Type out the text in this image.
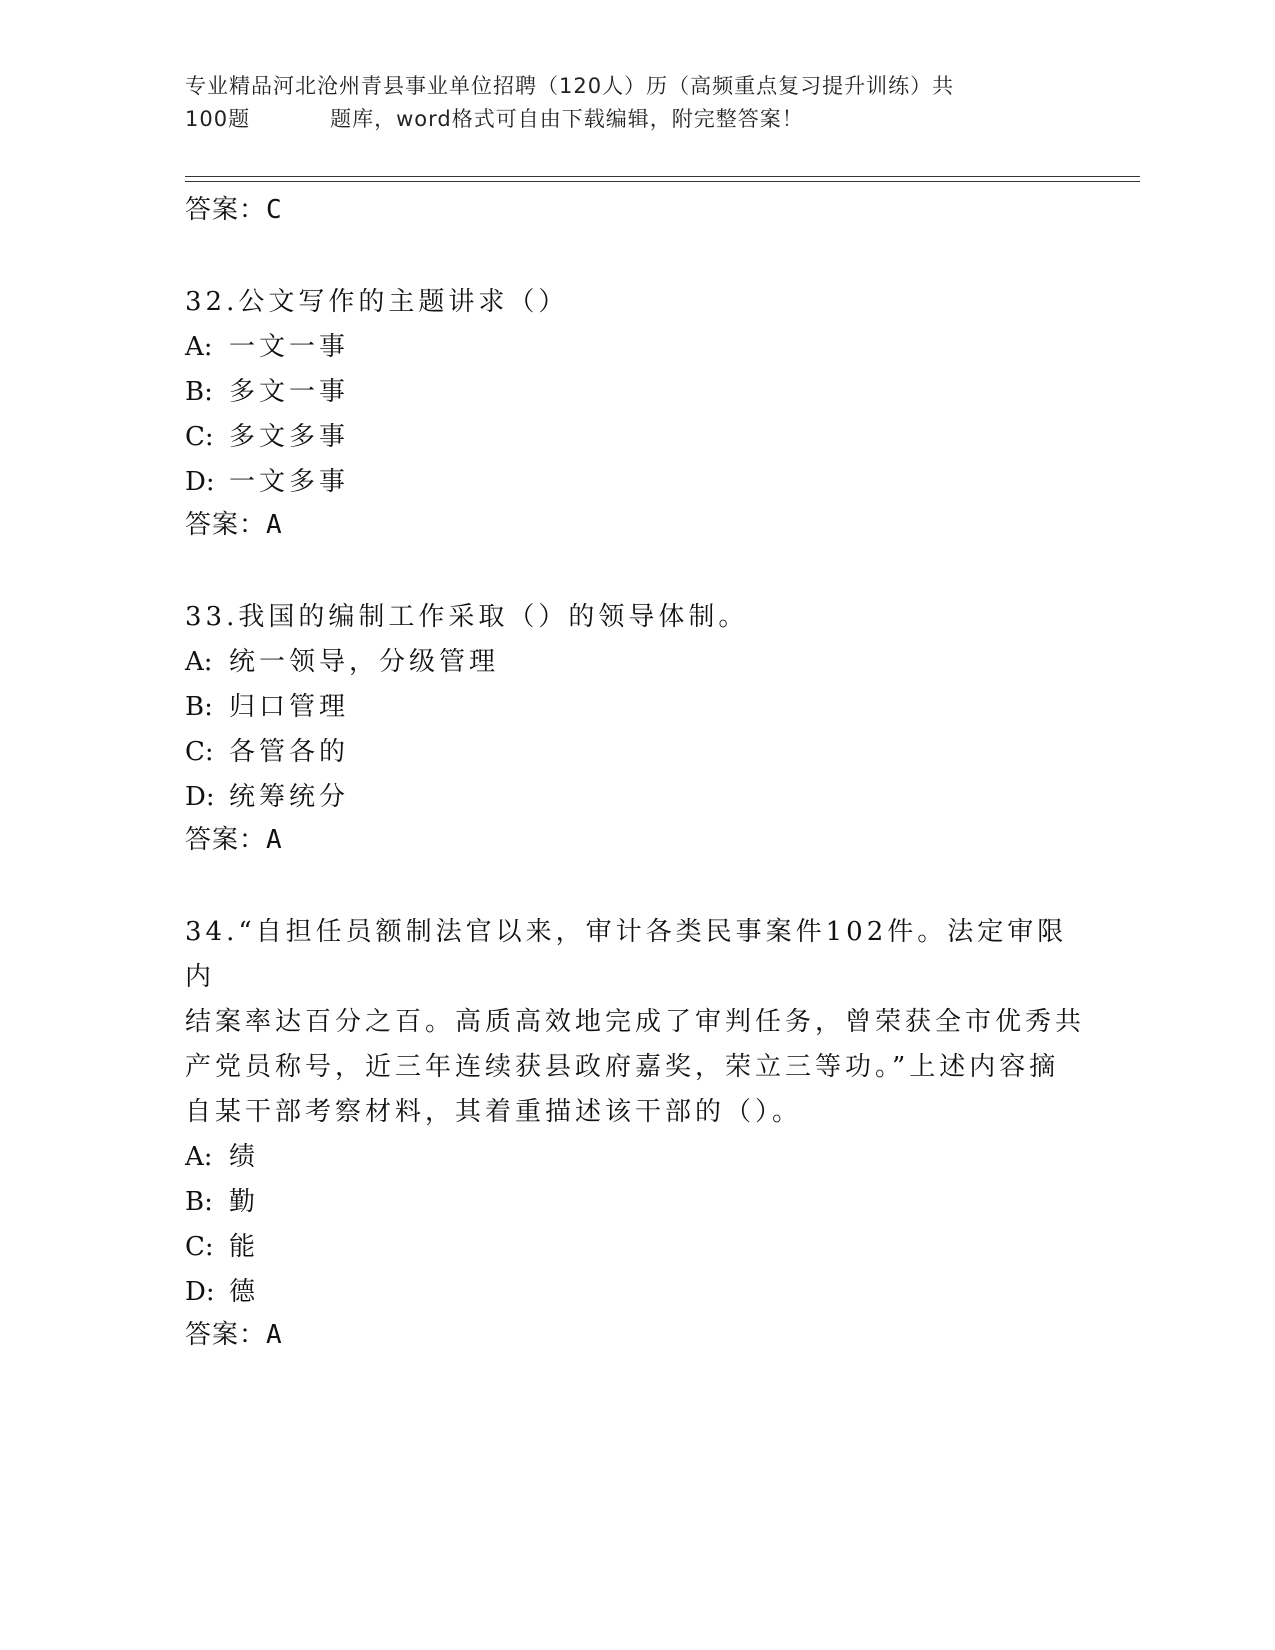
专业精品河北沧州青县事业单位招聘（120人）历（高频重点复习提升训练）共
100题	题库，word格式可自由下载编辑，附完整答案！

答案：C

32.公文写作的主题讲求（）

A: 一文一事

B: 多文一事

C: 多文多事

D: 一文多事

答案：A

33.我国的编制工作采取（）的领导体制。

A: 统一领导，分级管理

B: 归口管理

C: 各管各的

D: 统筹统分

答案：A

34.“自担任员额制法官以来，审计各类民事案件102件。法定审限内

结案率达百分之百。高质高效地完成了审判任务，曾荣获全市优秀共

产党员称号，近三年连续获县政府嘉奖，荣立三等功。”上述内容摘

自某干部考察材料，其着重描述该干部的（）。

A: 绩

B: 勤

C: 能

D: 德

答案：A
